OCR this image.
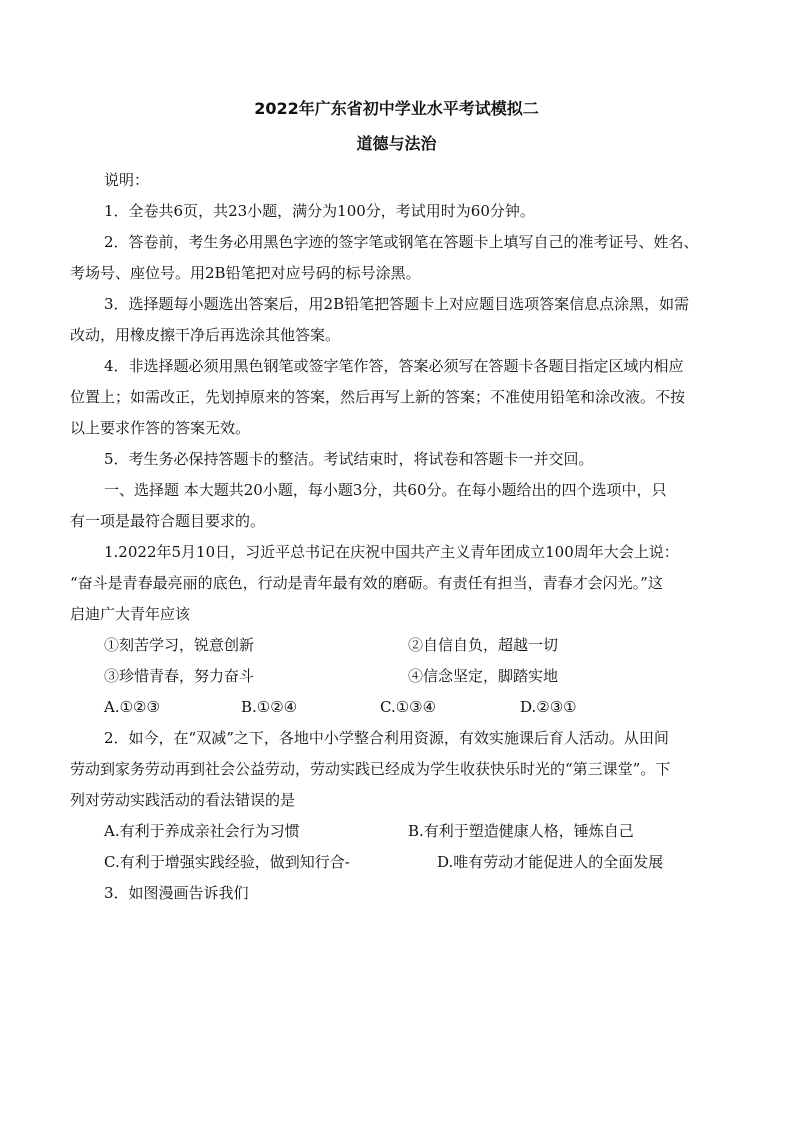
2022年广东省初中学业水平考试模拟二
道德与法治
说明：
1．全卷共6页，共23小题，满分为100分，考试用时为60分钟。
2．答卷前，考生务必用黑色字迹的签字笔或钢笔在答题卡上填写自己的准考证号、姓名、
考场号、座位号。用2B铅笔把对应号码的标号涂黑。
3．选择题每小题选出答案后，用2B铅笔把答题卡上对应题目选项答案信息点涂黑，如需
改动，用橡皮擦干净后再选涂其他答案。
4．非选择题必须用黑色钢笔或签字笔作答，答案必须写在答题卡各题目指定区域内相应
位置上；如需改正，先划掉原来的答案，然后再写上新的答案；不准使用铅笔和涂改液。不按
以上要求作答的答案无效。
5．考生务必保持答题卡的整洁。考试结束时，将试卷和答题卡一并交回。
一、选择题 本大题共20小题，每小题3分，共60分。在每小题给出的四个选项中，只
有一项是最符合题目要求的。
1.2022年5月10日，习近平总书记在庆祝中国共产主义青年团成立100周年大会上说：
“奋斗是青春最亮丽的底色，行动是青年最有效的磨砺。有责任有担当，青春才会闪光。”这
启迪广大青年应该
①刻苦学习，锐意创新	②自信自负，超越一切
③珍惜青春，努力奋斗	④信念坚定，脚踏实地
A.①②③	B.①②④	C.①③④	D.②③①
2．如今，在“双减”之下，各地中小学整合利用资源，有效实施课后育人活动。从田间
劳动到家务劳动再到社会公益劳动，劳动实践已经成为学生收获快乐时光的“第三课堂”。下
列对劳动实践活动的看法错误的是
A.有利于养成亲社会行为习惯	B.有利于塑造健康人格，锤炼自己
C.有利于增强实践经验，做到知行合-	D.唯有劳动才能促进人的全面发展
3．如图漫画告诉我们
